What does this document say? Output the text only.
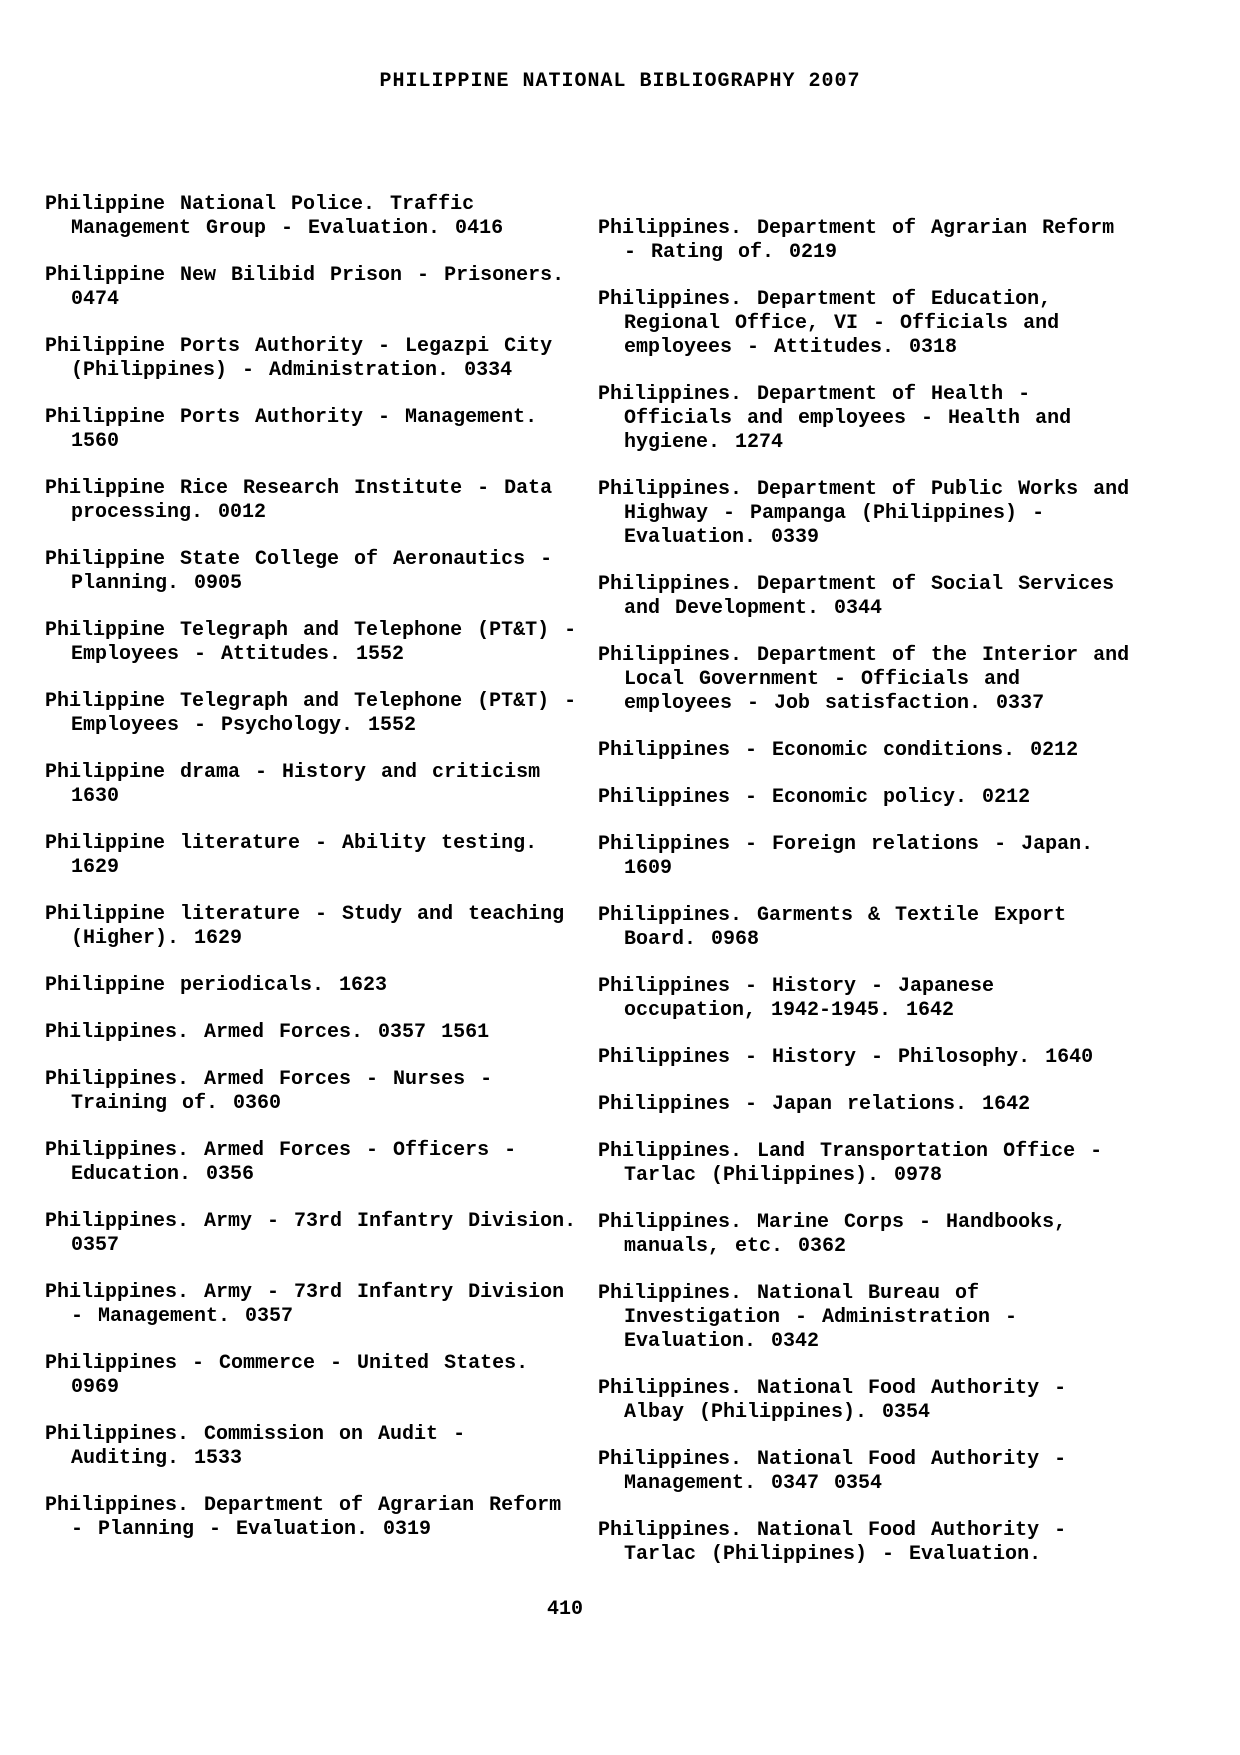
PHILIPPINE NATIONAL BIBLIOGRAPHY 2007

Philippine National Police. Traffic Management Group - Evaluation. 0416

Philippine New Bilibid Prison - Prisoners. 0474

Philippine Ports Authority - Legazpi City (Philippines) - Administration. 0334

Philippine Ports Authority - Management. 1560

Philippine Rice Research Institute - Data processing. 0012

Philippine State College of Aeronautics - Planning. 0905

Philippine Telegraph and Telephone (PT&T) - Employees - Attitudes. 1552

Philippine Telegraph and Telephone (PT&T) - Employees - Psychology. 1552

Philippine drama - History and criticism 1630

Philippine literature - Ability testing. 1629

Philippine literature - Study and teaching (Higher). 1629

Philippine periodicals. 1623

Philippines. Armed Forces. 0357 1561

Philippines. Armed Forces - Nurses - Training of. 0360

Philippines. Armed Forces - Officers - Education. 0356

Philippines. Army - 73rd Infantry Division. 0357

Philippines. Army - 73rd Infantry Division - Management. 0357

Philippines - Commerce - United States. 0969

Philippines. Commission on Audit - Auditing. 1533

Philippines. Department of Agrarian Reform - Planning - Evaluation. 0319

Philippines. Department of Agrarian Reform - Rating of. 0219

Philippines. Department of Education, Regional Office, VI - Officials and employees - Attitudes. 0318

Philippines. Department of Health - Officials and employees - Health and hygiene. 1274

Philippines. Department of Public Works and Highway - Pampanga (Philippines) - Evaluation. 0339

Philippines. Department of Social Services and Development. 0344

Philippines. Department of the Interior and Local Government - Officials and employees - Job satisfaction. 0337

Philippines - Economic conditions. 0212

Philippines - Economic policy. 0212

Philippines - Foreign relations - Japan. 1609

Philippines. Garments & Textile Export Board. 0968

Philippines - History - Japanese occupation, 1942-1945. 1642

Philippines - History - Philosophy. 1640

Philippines - Japan relations. 1642

Philippines. Land Transportation Office - Tarlac (Philippines). 0978

Philippines. Marine Corps - Handbooks, manuals, etc. 0362

Philippines. National Bureau of Investigation - Administration - Evaluation. 0342

Philippines. National Food Authority - Albay (Philippines). 0354

Philippines. National Food Authority - Management. 0347 0354

Philippines. National Food Authority - Tarlac (Philippines) - Evaluation.

410
